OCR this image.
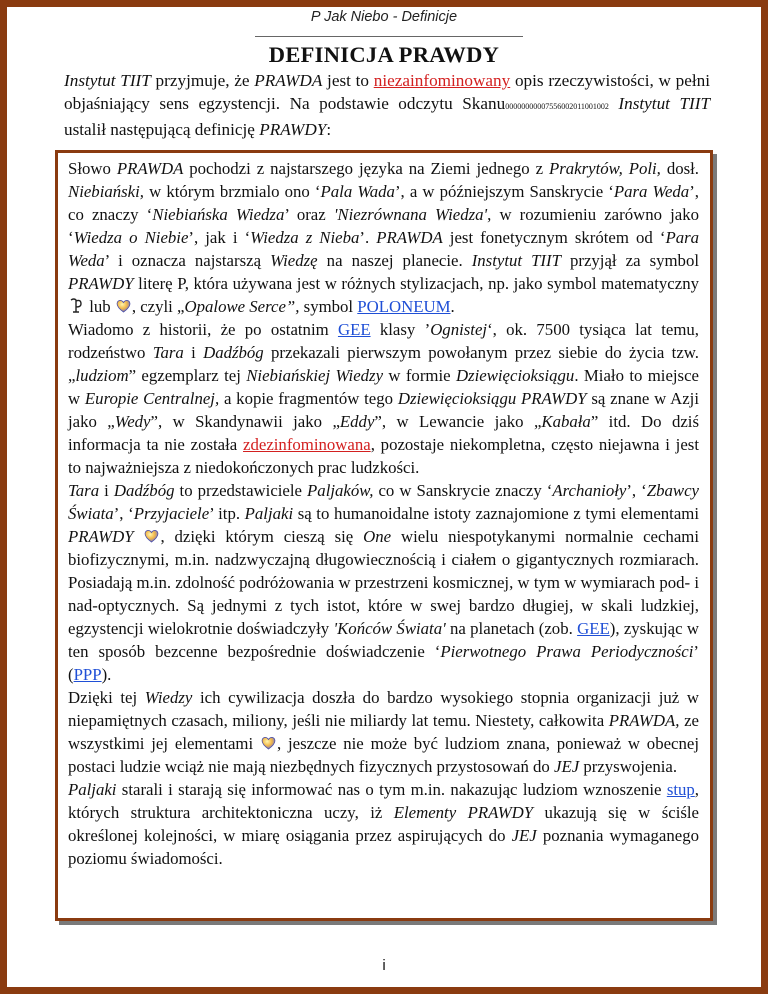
P Jak Niebo - Definicje
DEFINICJA PRAWDY

Instytut TIIT przyjmuje, że PRAWDA jest to niezainfominowany opis rzeczywistości, w pełni objaśniający sens egzystencji. Na podstawie odczytu Skanu00000000007556002011001002 Instytut TIIT ustalił następującą definicję PRAWDY:

Słowo PRAWDA pochodzi z najstarszego języka na Ziemi jednego z Prakrytów, Poli, dosł. Niebiański, w którym brzmialo ono ‘Pala Wada’, a w późniejszym Sanskrycie ‘Para Weda’, co znaczy ‘Niebiańska Wiedza’ oraz 'Niezrównana Wiedza', w rozumieniu zarówno jako ‘Wiedza o Niebie’, jak i ‘Wiedza z Nieba’. PRAWDA jest fonetycznym skrótem od ‘Para Weda’ i oznacza najstarszą Wiedzę na naszej planecie. Instytut TIIT przyjął za symbol PRAWDY literę P, która używana jest w różnych stylizacjach, np. jako symbol matematyczny  lub , czyli „Opalowe Serce”, symbol POLONEUM.

Wiadomo z historii, że po ostatnim GEE klasy ’Ognistej‘, ok. 7500 tysiąca lat temu, rodzeństwo Tara i Dadźbóg przekazali pierwszym powołanym przez siebie do życia tzw. „ludziom” egzemplarz tej Niebiańskiej Wiedzy w formie Dziewięcioksiągu. Miało to miejsce w Europie Centralnej, a kopie fragmentów tego Dziewięcioksiągu PRAWDY są znane w Azji jako „Wedy”, w Skandynawii jako „Eddy”, w Lewancie jako „Kabała” itd. Do dziś informacja ta nie została zdezinfominowana, pozostaje niekompletna, często niejawna i jest to najważniejsza z niedokończonych prac ludzkości.

Tara i Dadźbóg to przedstawiciele Paljaków, co w Sanskrycie znaczy ‘Archanioły’, ‘Zbawcy Świata’, ‘Przyjaciele’ itp. Paljaki są to humanoidalne istoty zaznajomione z tymi elementami PRAWDY , dzięki którym cieszą się One wielu niespotykanymi normalnie cechami biofizycznymi, m.in. nadzwyczajną długowiecznością i ciałem o gigantycznych rozmiarach. Posiadają m.in. zdolność podróżowania w przestrzeni kosmicznej, w tym w wymiarach pod- i nad-optycznych. Są jednymi z tych istot, które w swej bardzo długiej, w skali ludzkiej, egzystencji wielokrotnie doświadczyły 'Końców Świata' na planetach (zob. GEE), zyskując w ten sposób bezcenne bezpośrednie doświadczenie ‘Pierwotnego Prawa Periodyczności’ (PPP).

Dzięki tej Wiedzy ich cywilizacja doszła do bardzo wysokiego stopnia organizacji już w niepamiętnych czasach, miliony, jeśli nie miliardy lat temu. Niestety, całkowita PRAWDA, ze wszystkimi jej elementami , jeszcze nie może być ludziom znana, ponieważ w obecnej postaci ludzie wciąż nie mają niezbędnych fizycznych przystosowań do JEJ przyswojenia.

Paljaki starali i starają się informować nas o tym m.in. nakazując ludziom wznoszenie stup, których struktura architektoniczna uczy, iż Elementy PRAWDY ukazują się w ściśle określonej kolejności, w miarę osiągania przez aspirujących do JEJ poznania wymaganego poziomu świadomości.

i
